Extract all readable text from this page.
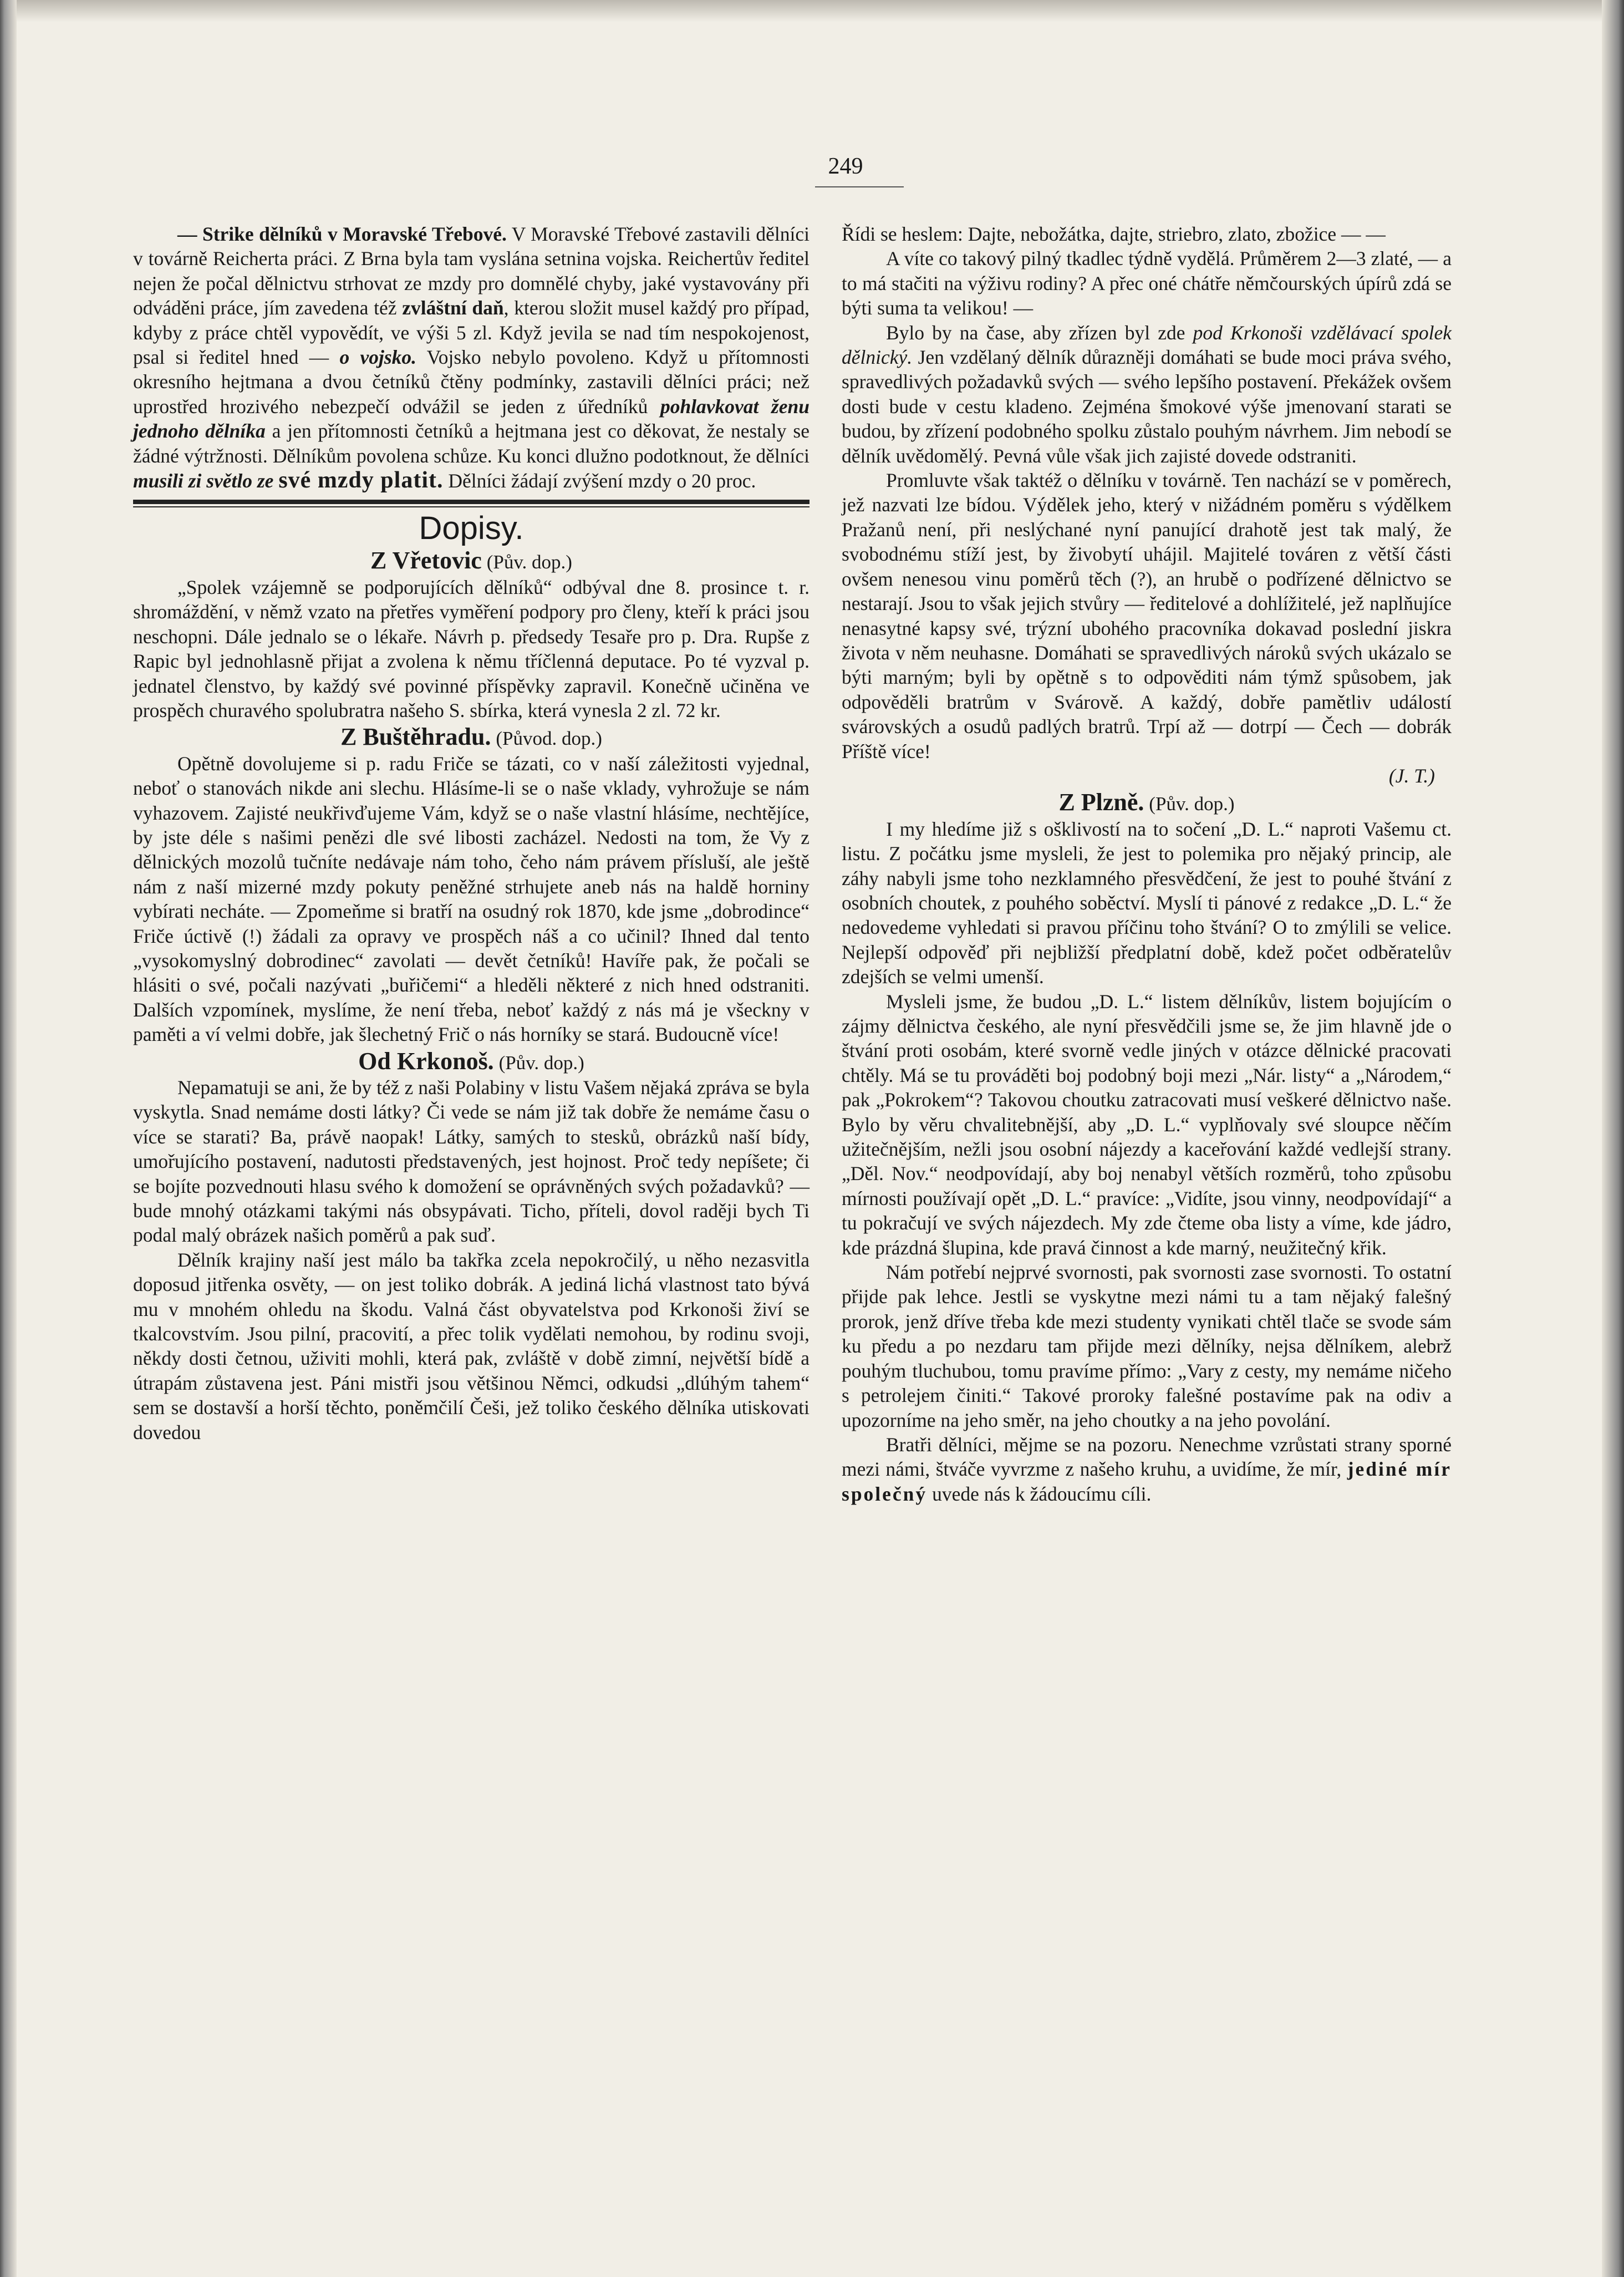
249

— Strike dělníků v Moravské Třebové. V Moravské Třebové zastavili dělníci v továrně Reicherta práci. Z Brna byla tam vyslána setnina vojska. Reichertův ředitel nejen že počal dělnictvu strhovat ze mzdy pro domnělé chyby, jaké vystavovány při odváděni práce, jím zavedena též zvláštní daň, kterou složit musel každý pro případ, kdyby z práce chtěl vypovědít, ve výši 5 zl. Když jevila se nad tím nespokojenost, psal si ředitel hned — o vojsko. Vojsko nebylo povoleno. Když u přítomnosti okresního hejtmana a dvou četníků čtěny podmínky, zastavili dělníci práci; než uprostřed hrozivého nebezpečí odvážil se jeden z úředníků pohlavkovat ženu jednoho dělníka a jen přítomnosti četníků a hejtmana jest co děkovat, že nestaly se žádné výtržnosti. Dělníkům povolena schůze. Ku konci dlužno podotknout, že dělníci musili zi světlo ze své mzdy platit. Dělníci žádají zvýšení mzdy o 20 proc.

Dopisy.
Z Vřetovic (Pův. dop.)

„Spolek vzájemně se podporujících dělníků“ odbýval dne 8. prosince t. r. shromáždění, v němž vzato na přetřes vyměření podpory pro členy, kteří k práci jsou neschopni. Dále jednalo se o lékaře. Návrh p. předsedy Tesaře pro p. Dra. Rupše z Rapic byl jednohlasně přijat a zvolena k němu tříčlenná deputace. Po té vyzval p. jednatel členstvo, by každý své povinné příspěvky zapravil. Konečně učiněna ve prospěch churavého spolubratra našeho S. sbírka, která vynesla 2 zl. 72 kr.

Z Buštěhradu. (Původ. dop.)

Opětně dovolujeme si p. radu Friče se tázati, co v naší záležitosti vyjednal, neboť o stanovách nikde ani slechu. Hlásíme-li se o naše vklady, vyhrožuje se nám vyhazovem. Zajisté neukřivďujeme Vám, když se o naše vlastní hlásíme, nechtějíce, by jste déle s našimi penězi dle své libosti zacházel. Nedosti na tom, že Vy z dělnických mozolů tučníte nedávaje nám toho, čeho nám právem přísluší, ale ještě nám z naší mizerné mzdy pokuty peněžné strhujete aneb nás na haldě horniny vybírati necháte. — Zpomeňme si bratří na osudný rok 1870, kde jsme „dobrodince“ Friče úctivě (!) žádali za opravy ve prospěch náš a co učinil? Ihned dal tento „vysokomyslný dobrodinec“ zavolati — devět četníků! Havíře pak, že počali se hlásiti o své, počali nazývati „buřičemi“ a hleděli některé z nich hned odstraniti. Dalších vzpomínek, myslíme, že není třeba, neboť každý z nás má je všeckny v paměti a ví velmi dobře, jak šlechetný Frič o nás horníky se stará. Budoucně více!

Od Krkonoš. (Pův. dop.)

Nepamatuji se ani, že by též z naši Polabiny v listu Vašem nějaká zpráva se byla vyskytla. Snad nemáme dosti látky? Či vede se nám již tak dobře že nemáme času o více se starati? Ba, právě naopak! Látky, samých to stesků, obrázků naší bídy, umořujícího postavení, nadutosti představených, jest hojnost. Proč tedy nepíšete; či se bojíte pozvednouti hlasu svého k domožení se oprávněných svých požadavků? — bude mnohý otázkami takými nás obsypávati. Ticho, příteli, dovol raději bych Ti podal malý obrázek našich poměrů a pak suď.

Dělník krajiny naší jest málo ba takřka zcela nepokročilý, u něho nezasvitla doposud jitřenka osvěty, — on jest toliko dobrák. A jediná lichá vlastnost tato bývá mu v mnohém ohledu na škodu. Valná část obyvatelstva pod Krkonoši živí se tkalcovstvím. Jsou pilní, pracovití, a přec tolik vydělati nemohou, by rodinu svoji, někdy dosti četnou, uživiti mohli, která pak, zvláště v době zimní, největší bídě a útrapám zůstavena jest. Páni mistři jsou většinou Němci, odkudsi „dlúhým tahem“ sem se dostavší a horší těchto, poněmčilí Češi, jež toliko českého dělníka utiskovati dovedou

Řídi se heslem: Dajte, nebožátka, dajte, striebro, zlato, zbožice — —

A víte co takový pilný tkadlec týdně vydělá. Průměrem 2—3 zlaté, — a to má stačiti na výživu rodiny? A přec oné chátře němčourských úpírů zdá se býti suma ta velikou! —

Bylo by na čase, aby zřízen byl zde pod Krkonoši vzdělávací spolek dělnický. Jen vzdělaný dělník důrazněji domáhati se bude moci práva svého, spravedlivých požadavků svých — svého lepšího postavení. Překážek ovšem dosti bude v cestu kladeno. Zejména šmokové výše jmenovaní starati se budou, by zřízení podobného spolku zůstalo pouhým návrhem. Jim nebodí se dělník uvědomělý. Pevná vůle však jich zajisté dovede odstraniti.

Promluvte však taktéž o dělníku v továrně. Ten nachází se v poměrech, jež nazvati lze bídou. Výdělek jeho, který v nižádném poměru s výdělkem Pražanů není, při neslýchané nyní panující drahotě jest tak malý, že svobodnému stíží jest, by živobytí uhájil. Majitelé továren z větší části ovšem nenesou vinu poměrů těch (?), an hrubě o podřízené dělnictvo se nestarají. Jsou to však jejich stvůry — ředitelové a dohlížitelé, jež naplňujíce nenasytné kapsy své, trýzní ubohého pracovníka dokavad poslední jiskra života v něm neuhasne. Domáhati se spravedlivých nároků svých ukázalo se býti marným; byli by opětně s to odpověditi nám týmž spůsobem, jak odpověděli bratrům v Svárově. A každý, dobře pamětliv událostí svárovských a osudů padlých bratrů. Trpí až — dotrpí — Čech — dobrák Příště více!

(J. T.)
Z Plzně. (Pův. dop.)

I my hledíme již s ošklivostí na to sočení „D. L.“ naproti Vašemu ct. listu. Z počátku jsme mysleli, že jest to polemika pro nějaký princip, ale záhy nabyli jsme toho nezklamného přesvědčení, že jest to pouhé štvání z osobních choutek, z pouhého soběctví. Myslí ti pánové z redakce „D. L.“ že nedovedeme vyhledati si pravou příčinu toho štvání? O to zmýlili se velice. Nejlepší odpověď při nejbližší předplatní době, kdež počet odběratelův zdejších se velmi umenší.

Mysleli jsme, že budou „D. L.“ listem dělníkův, listem bojujícím o zájmy dělnictva českého, ale nyní přesvědčili jsme se, že jim hlavně jde o štvání proti osobám, které svorně vedle jiných v otázce dělnické pracovati chtěly. Má se tu prováděti boj podobný boji mezi „Nár. listy“ a „Národem,“ pak „Pokrokem“? Takovou choutku zatracovati musí veškeré dělnictvo naše. Bylo by věru chvalitebnější, aby „D. L.“ vyplňovaly své sloupce něčím užitečnějším, nežli jsou osobní nájezdy a kaceřování každé vedlejší strany. „Děl. Nov.“ neodpovídají, aby boj nenabyl větších rozměrů, toho způsobu mírnosti používají opět „D. L.“ pravíce: „Vidíte, jsou vinny, neodpovídají“ a tu pokračují ve svých nájezdech. My zde čteme oba listy a víme, kde jádro, kde prázdná šlupina, kde pravá činnost a kde marný, neužitečný křik.

Nám potřebí nejprvé svornosti, pak svornosti zase svornosti. To ostatní přijde pak lehce. Jestli se vyskytne mezi námi tu a tam nějaký falešný prorok, jenž dříve třeba kde mezi studenty vynikati chtěl tlače se svode sám ku předu a po nezdaru tam přijde mezi dělníky, nejsa dělníkem, alebrž pouhým tluchubou, tomu pravíme přímo: „Vary z cesty, my nemáme ničeho s petrolejem činiti.“ Takové proroky falešné postavíme pak na odiv a upozorníme na jeho směr, na jeho choutky a na jeho povolání.

Bratři dělníci, mějme se na pozoru. Nenechme vzrůstati strany sporné mezi námi, štváče vyvrzme z našeho kruhu, a uvidíme, že mír, jediné mír společný uvede nás k žádoucímu cíli.
